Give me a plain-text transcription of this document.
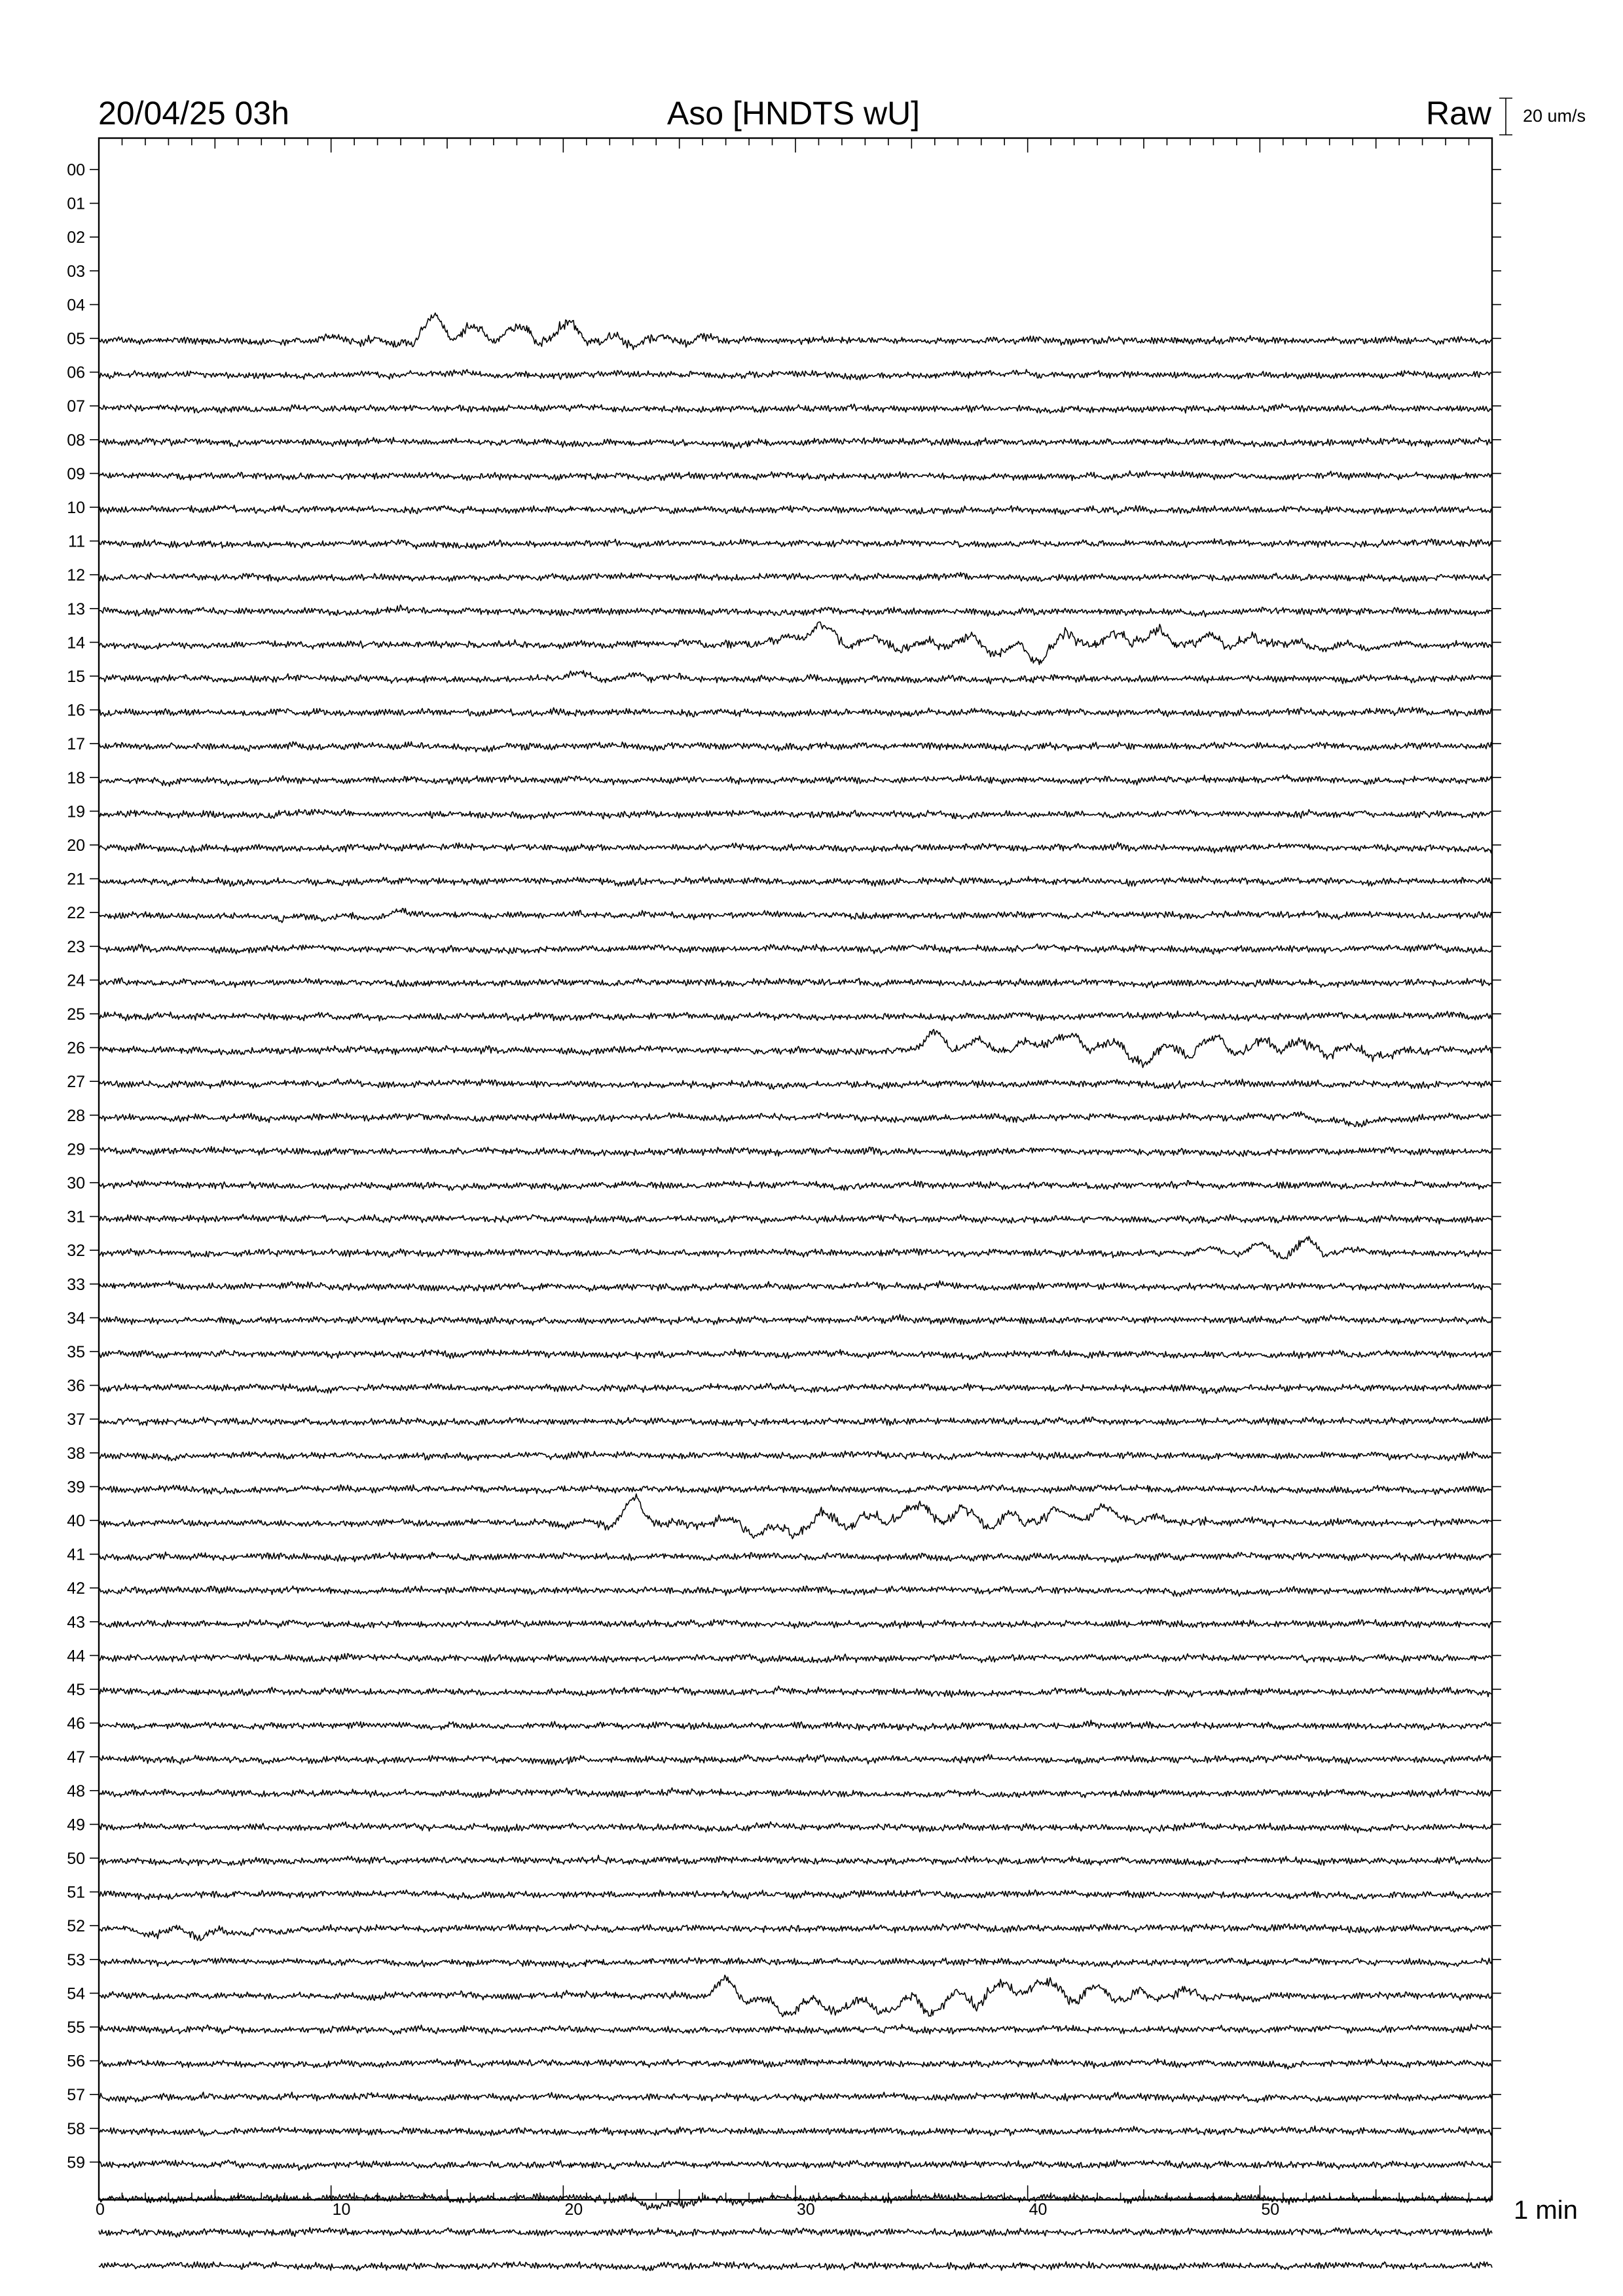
20/04/25 03h	Aso [HNDTS wU]	Raw 20 um/s
00
01
02
03
04
05
06
07
08
09
10
11
12
13
14
15
16
17
18
19
20
21
22
23
24
25
26
27
28
29
30
31
32
33
34
35
36
37
38
39
40
41
42
43
44
45
46
47
48
49
50
51
52
53
54
55
56
57
58
59
0	10	20	30	40	50	1 min
